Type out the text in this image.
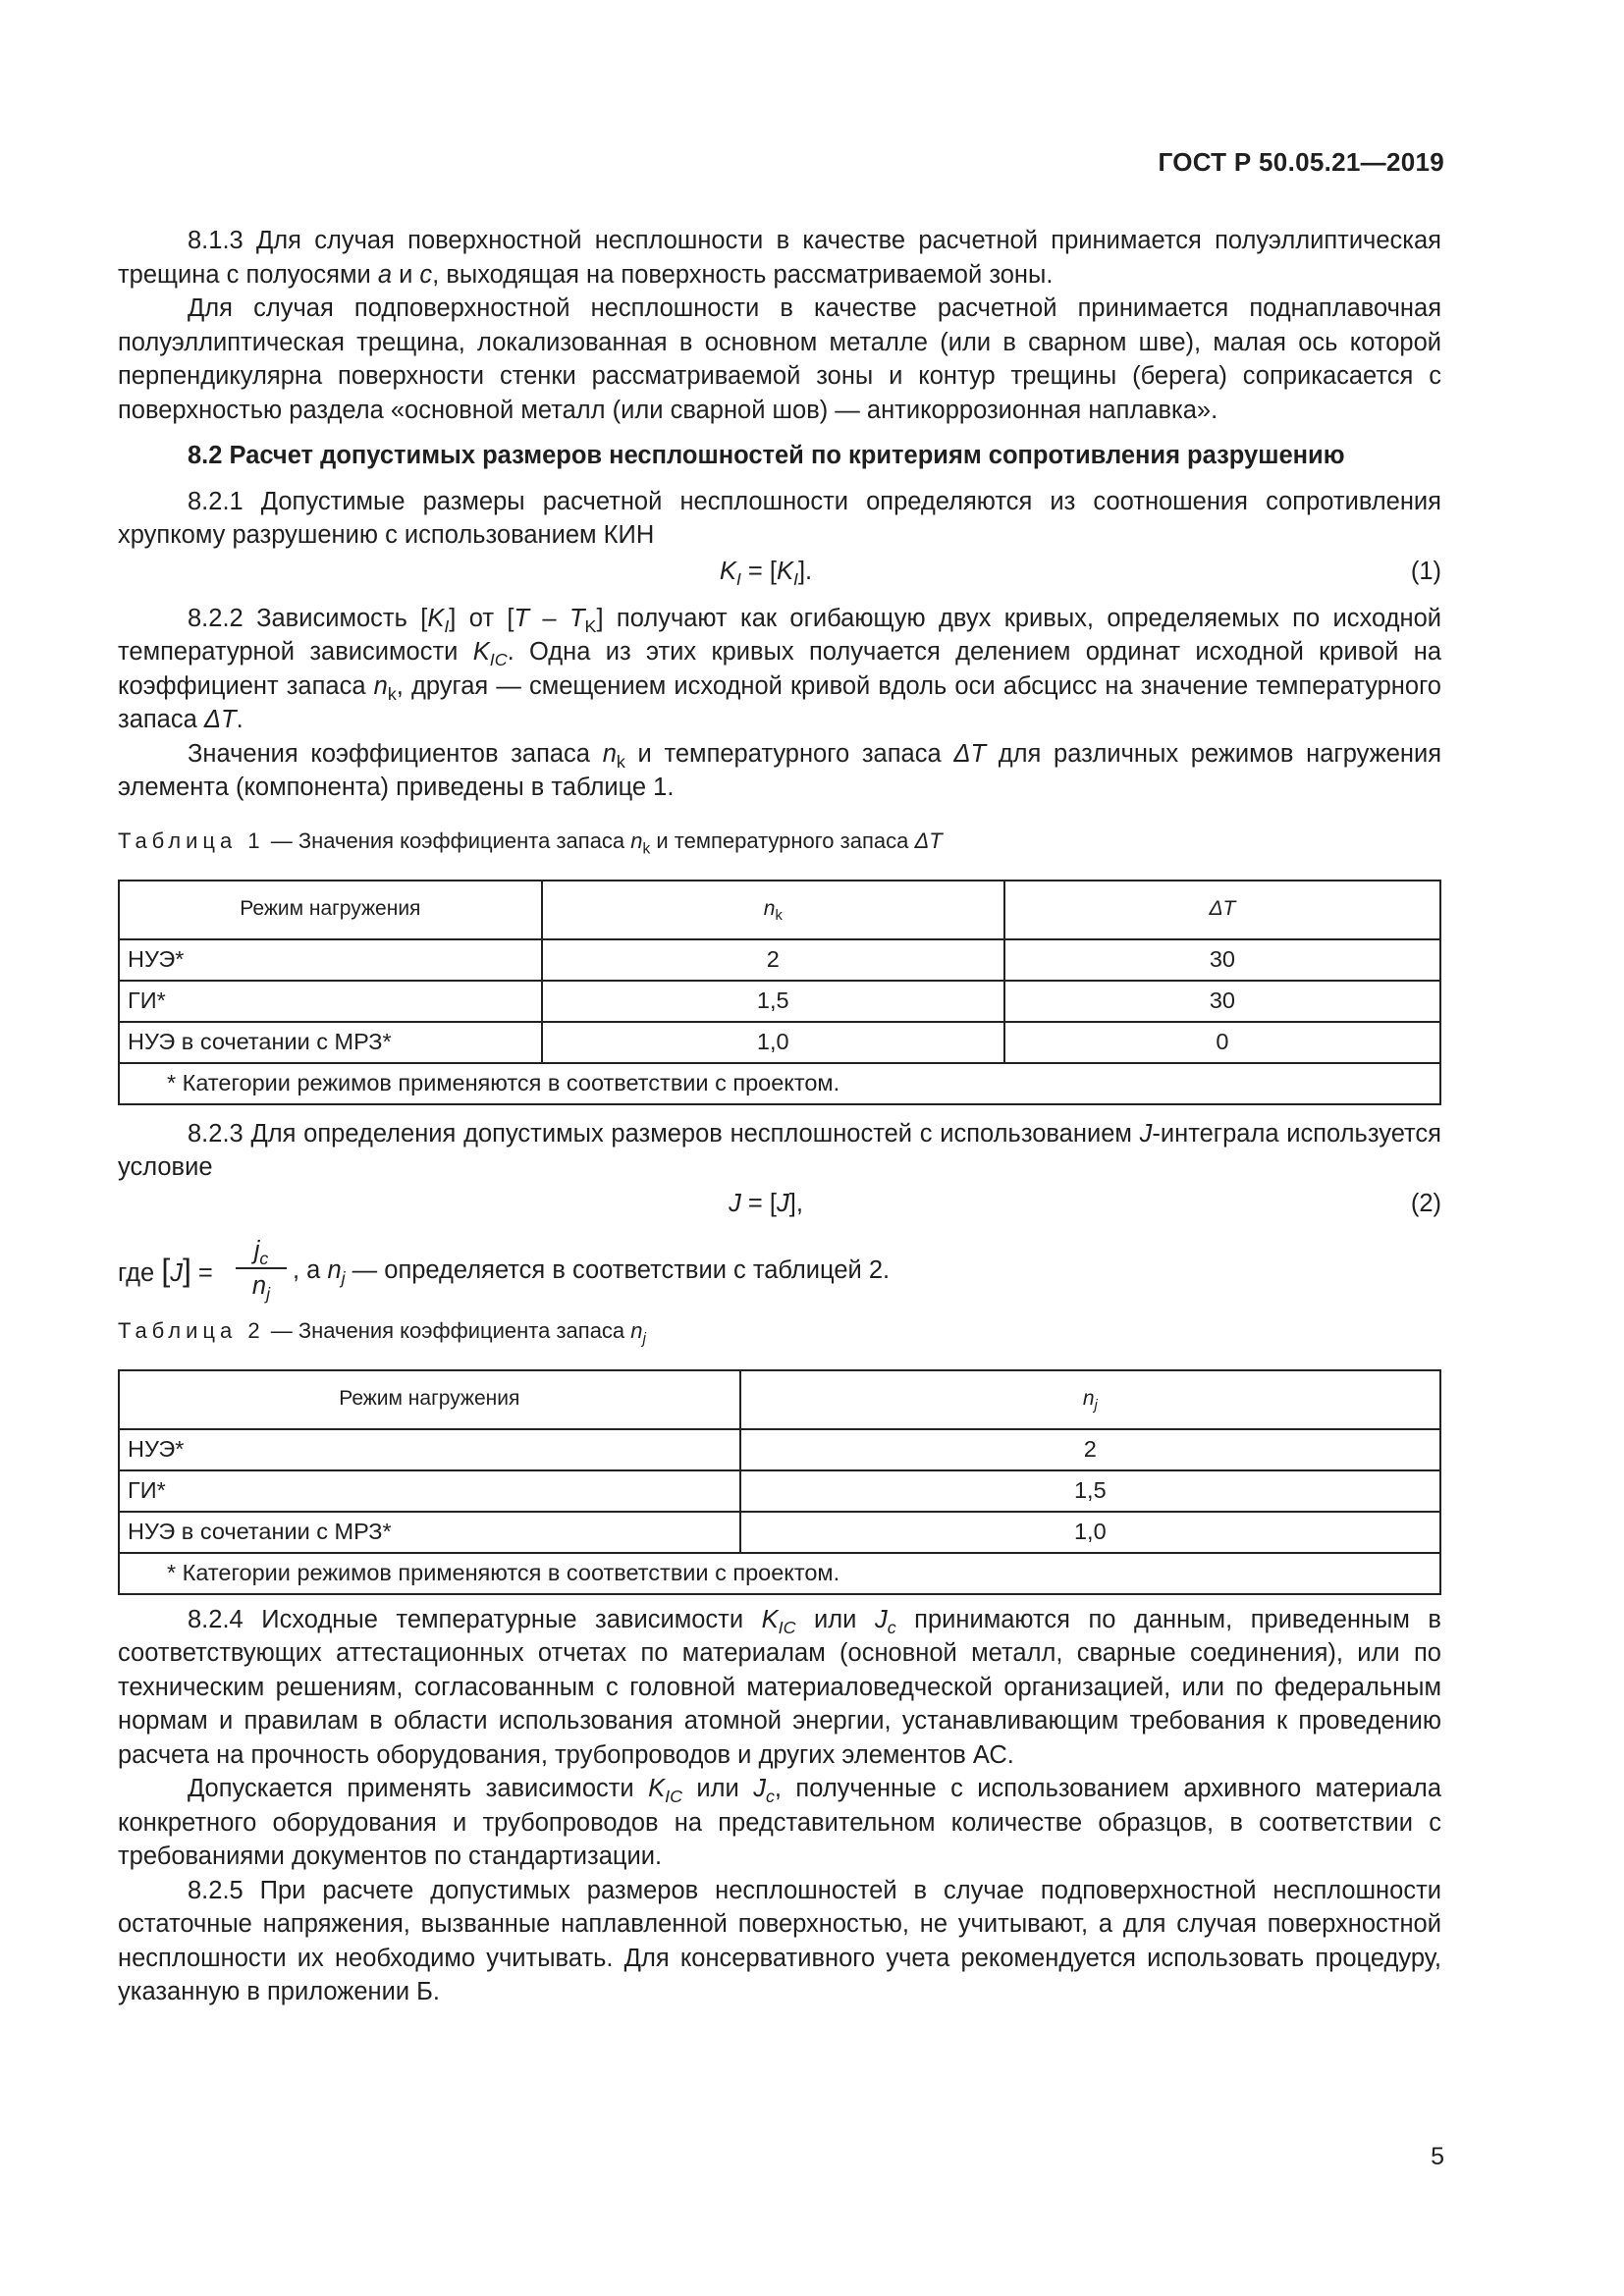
ГОСТ Р 50.05.21—2019

8.1.3 Для случая поверхностной несплошности в качестве расчетной принимается полуэллиптическая трещина с полуосями a и c, выходящая на поверхность рассматриваемой зоны.

Для случая подповерхностной несплошности в качестве расчетной принимается поднаплавочная полуэллиптическая трещина, локализованная в основном металле (или в сварном шве), малая ось которой перпендикулярна поверхности стенки рассматриваемой зоны и контур трещины (берега) соприкасается с поверхностью раздела «основной металл (или сварной шов) — антикоррозионная наплавка».

8.2 Расчет допустимых размеров несплошностей по критериям сопротивления разрушению

8.2.1 Допустимые размеры расчетной несплошности определяются из соотношения сопротивления хрупкому разрушению с использованием КИН

$K_I = [K_I]$.	(1)

8.2.2 Зависимость $[K_I]$ от $[T - T_K]$ получают как огибающую двух кривых, определяемых по исходной температурной зависимости $K_{IC}$. Одна из этих кривых получается делением ординат исходной кривой на коэффициент запаса $n_k$, другая — смещением исходной кривой вдоль оси абсцисс на значение температурного запаса ΔT.

Значения коэффициентов запаса $n_k$ и температурного запаса ΔT для различных режимов нагружения элемента (компонента) приведены в таблице 1.

Таблица 1 — Значения коэффициента запаса $n_k$ и температурного запаса ΔT
Режим нагружения	$n_k$	ΔT
НУЭ*	2	30
ГИ*	1,5	30
НУЭ в сочетании с МРЗ*	1,0	0
* Категории режимов применяются в соответствии с проектом.		

8.2.3 Для определения допустимых размеров несплошностей с использованием J-интеграла используется условие

J = [J],	(2)
где $[J] = \frac{j_c}{n_j}$ , а $n_j$ — определяется в соответствии с таблицей 2.
Таблица 2 — Значения коэффициента запаса $n_j$
Режим нагружения	$n_j$
НУЭ*	2
ГИ*	1,5
НУЭ в сочетании с МРЗ*	1,0
* Категории режимов применяются в соответствии с проектом.	

8.2.4 Исходные температурные зависимости $K_{IC}$ или $J_c$ принимаются по данным, приведенным в соответствующих аттестационных отчетах по материалам (основной металл, сварные соединения), или по техническим решениям, согласованным с головной материаловедческой организацией, или по федеральным нормам и правилам в области использования атомной энергии, устанавливающим требования к проведению расчета на прочность оборудования, трубопроводов и других элементов АС.

Допускается применять зависимости $K_{IC}$ или $J_c$, полученные с использованием архивного материала конкретного оборудования и трубопроводов на представительном количестве образцов, в соответствии с требованиями документов по стандартизации.

8.2.5 При расчете допустимых размеров несплошностей в случае подповерхностной несплошности остаточные напряжения, вызванные наплавленной поверхностью, не учитывают, а для случая поверхностной несплошности их необходимо учитывать. Для консервативного учета рекомендуется использовать процедуру, указанную в приложении Б.

5
